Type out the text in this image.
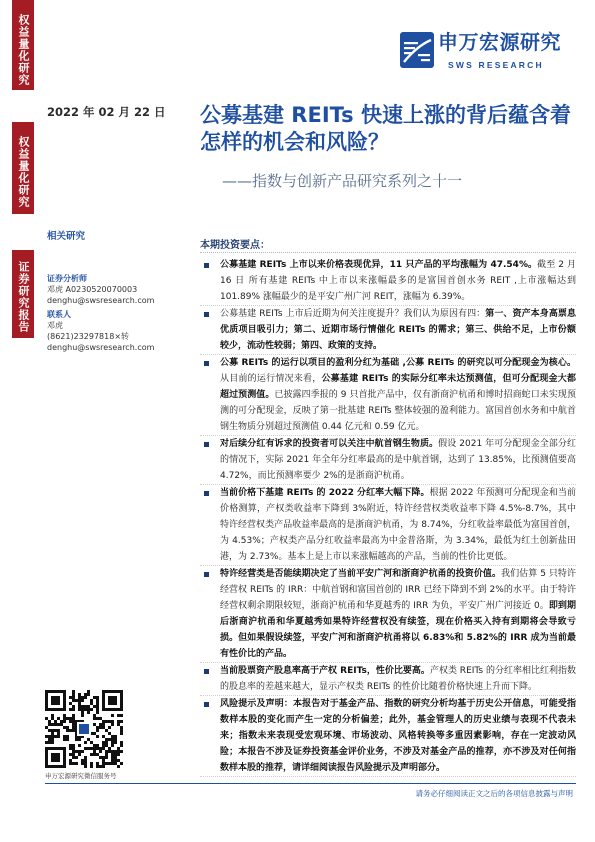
权益量化研究
权益量化研究
证券研究报告
申万宏源研究
SWS RESEARCH
2022 年 02 月 22 日 公募基建 REITs 快速上涨的背后蕴含着怎样的机会和风险？
——指数与创新产品研究系列之十一
相关研究
证券分析师
邓虎 A0230520070003
denghu@swsresearch.com
联系人
邓虎
(8621)23297818×转
denghu@swsresearch.com
本期投资要点：
公募基建 REITs 上市以来价格表现优异，11 只产品的平均涨幅为 47.54%。截至 2 月 16 日 所有基建 REITs 中上市以来涨幅最多的是富国首创水务 REIT ,上市涨幅达到 101.89% 涨幅最少的是平安广州广河 REIT，涨幅为 6.39%。
公募基建 REITs 上市后近期为何关注度提升？我们认为原因有四：第一、资产本身高票息优质项目吸引力；第二、近期市场行情催化 REITs 的需求；第三、供给不足，上市份额较少，流动性较弱；第四、政策的支持。
公募 REITs 的运行以项目的盈利分红为基础 ,公募 REITs 的研究以可分配现金为核心。从目前的运行情况来看，公募基建 REITs 的实际分红率未达预测值，但可分配现金大都超过预测值。已披露四季报的 9 只首批产品中，仅有浙商沪杭甬和博时招商蛇口未实现预测的可分配现金，反映了第一批基建 REITs 整体较强的盈利能力。富国首创水务和中航首钢生物质分别超过预测值 0.44 亿元和 0.59 亿元。
对后续分红有诉求的投资者可以关注中航首钢生物质。假设 2021 年可分配现金全部分红的情况下，实际 2021 年全年分红率最高的是中航首钢，达到了 13.85%，比预测值要高 4.72%，而比预测率要少 2%的是浙商沪杭甬。
当前价格下基建 REITs 的 2022 分红率大幅下降。根据 2022 年预测可分配现金和当前价格测算，产权类收益率下降到 3%附近，特许经营权类收益率下降 4.5%-8.7%，其中特许经营权类产品收益率最高的是浙商沪杭甬，为 8.74%，分红收益率最低为富国首创，为 4.53%；产权类产品分红收益率最高为中金普洛斯，为 3.34%，最低为红土创新盐田港，为 2.73%。基本上是上市以来涨幅越高的产品，当前的性价比更低。
特许经营类是否能续期决定了当前平安广河和浙商沪杭甬的投资价值。我们估算 5 只特许经营权 REITs 的 IRR：中航首钢和富国首创的 IRR 已经下降到不到 2%的水平。由于特许经营权剩余期限较短，浙商沪杭甬和华夏越秀的 IRR 为负，平安广州广河接近 0。即到期后浙商沪杭甬和华夏越秀如果特许经营权没有续签，现在价格买入持有到期将会导致亏损。但如果假设续签，平安广河和浙商沪杭甬将以 6.83%和 5.82%的 IRR 成为当前最有性价比的产品。
当前股票资产股息率高于产权 REITs，性价比要高。产权类 REITs 的分红率相比红利指数的股息率的差越来越大，显示产权类 REITs 的性价比随着价格快速上升而下降。
风险提示及声明：本报告对于基金产品、指数的研究分析均基于历史公开信息，可能受指数样本股的变化而产生一定的分析偏差；此外，基金管理人的历史业绩与表现不代表未来；指数未来表现受宏观环境、市场波动、风格转换等多重因素影响，存在一定波动风险；本报告不涉及证券投资基金评价业务，不涉及对基金产品的推荐，亦不涉及对任何指数样本股的推荐，请详细阅读报告风险提示及声明部分。
申万宏源研究微信服务号
请务必仔细阅读正文之后的各项信息披露与声明
